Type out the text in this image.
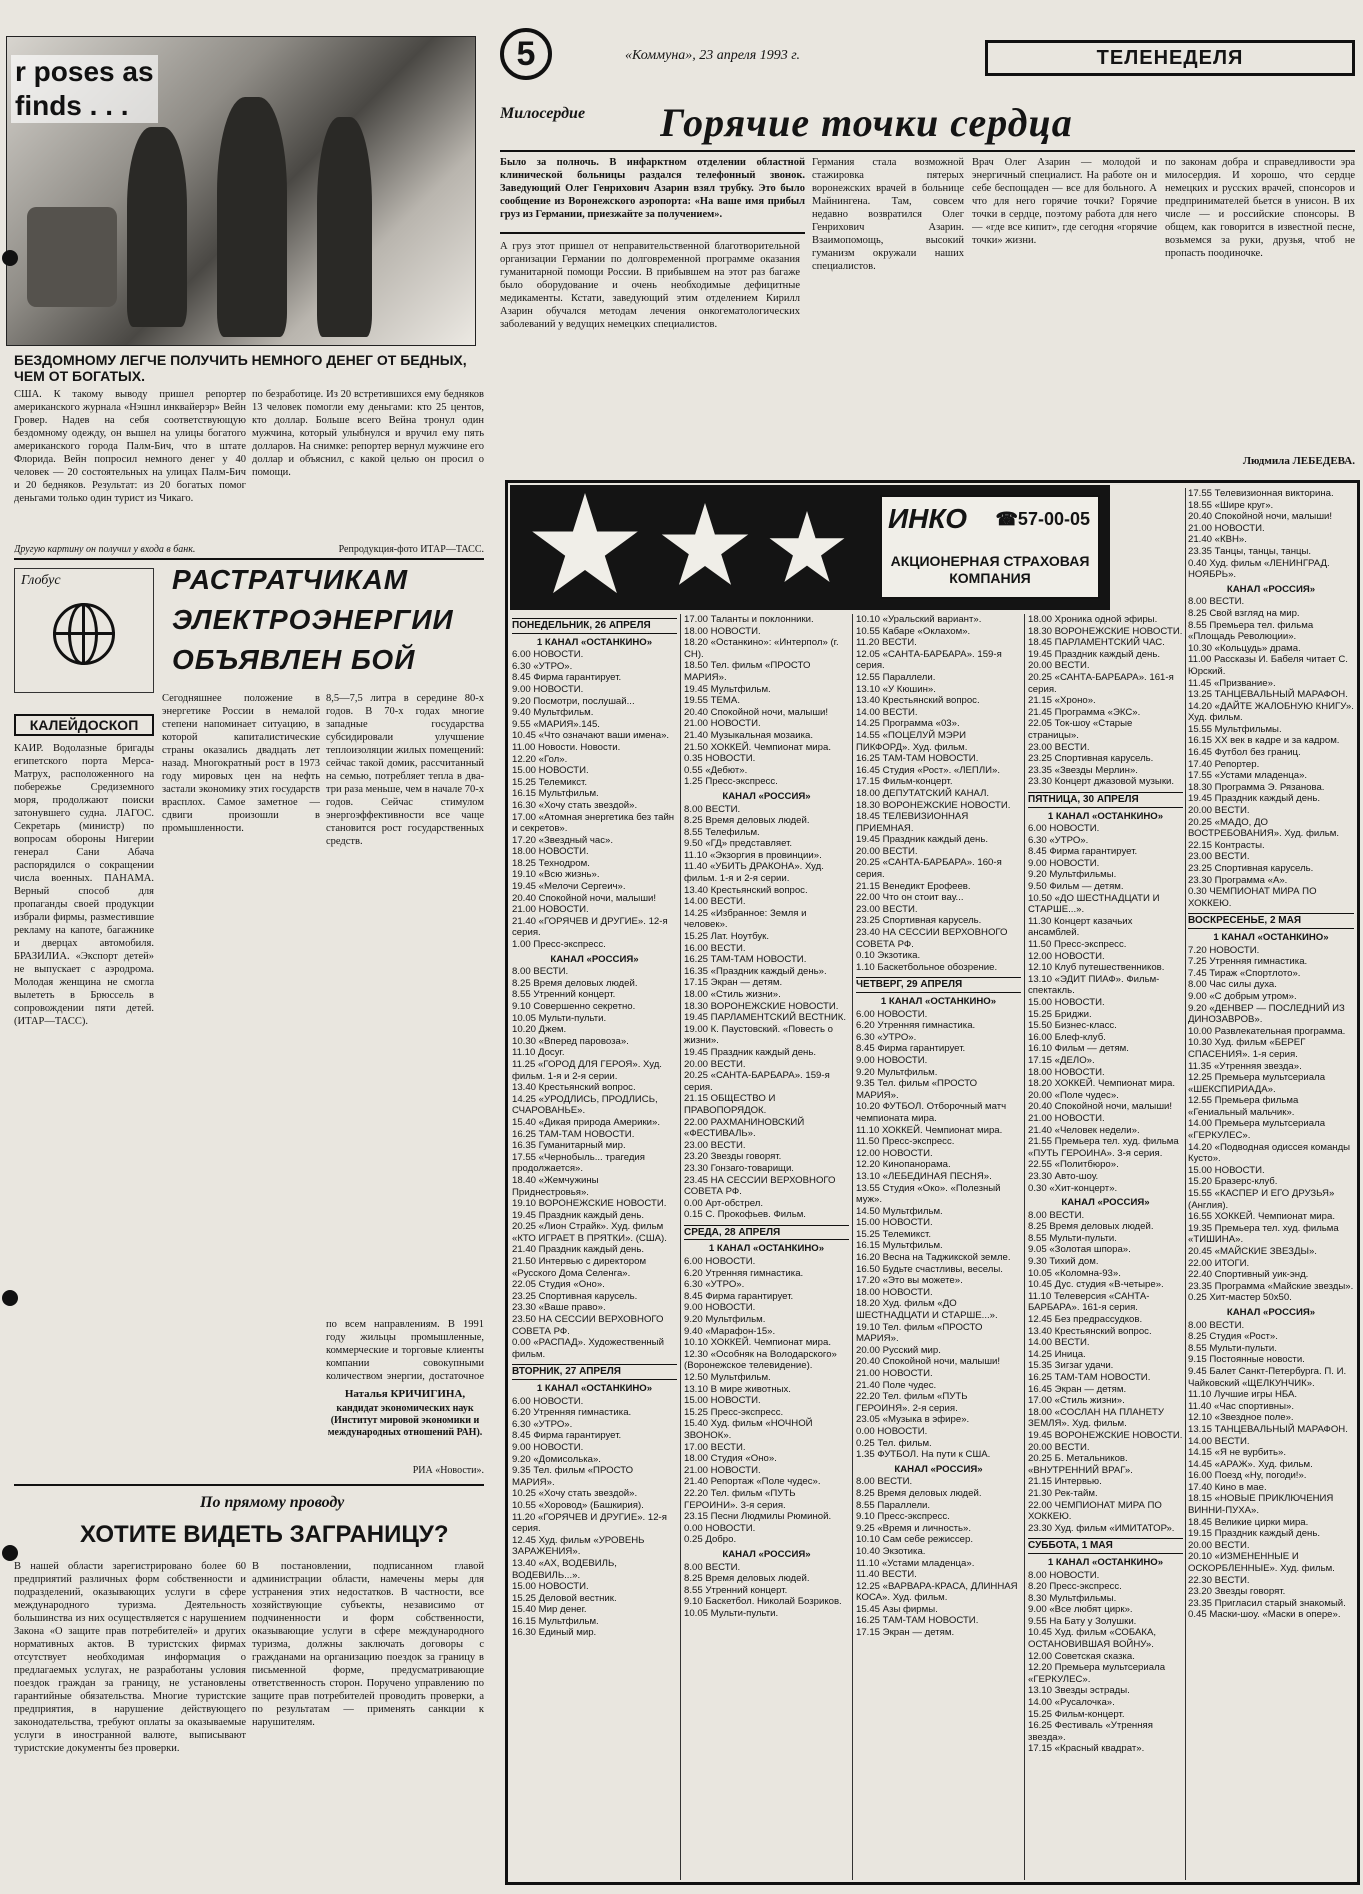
r poses as
finds . . .
5	«Коммуна», 23 апреля 1993 г.	ТЕЛЕНЕДЕЛЯ
Милосердие	Горячие точки сердца
Было за полночь. В инфарктном отделении областной клинической больницы раздался телефонный звонок. Заведующий Олег Генрихович Азарин взял трубку. Это было сообщение из Воронежского аэропорта: «На ваше имя прибыл груз из Германии, приезжайте за получением».
А груз этот пришел от неправительственной благотворительной организации Германии по долговременной программе оказания гуманитарной помощи России. В прибывшем на этот раз багаже было оборудование и очень необходимые дефицитные медикаменты. Кстати, заведующий этим отделением Кирилл Азарин обучался методам лечения онкогематологических заболеваний у ведущих немецких специалистов.
Германия стала возможной стажировка пятерых воронежских врачей в больнице Майнингена. Там, совсем недавно возвратился Олег Генрихович Азарин. Взаимопомощь, высокий гуманизм окружали наших специалистов.
Врач Олег Азарин — молодой и энергичный специалист. На работе он и себе беспощаден — все для больного. А что для него горячие точки? Горячие точки в сердце, поэтому работа для него — «где все кипит», где сегодня «горячие точки» жизни.
по законам добра и справедливости эра милосердия. И хорошо, что сердце немецких и русских врачей, спонсоров и предпринимателей бьется в унисон. В их числе — и российские спонсоры. В общем, как говорится в известной песне, возьмемся за руки, друзья, чтоб не пропасть поодиночке.
Людмила ЛЕБЕДЕВА.
БЕЗДОМНОМУ ЛЕГЧЕ ПОЛУЧИТЬ НЕМНОГО ДЕНЕГ ОТ БЕДНЫХ, ЧЕМ ОТ БОГАТЫХ.
США. К такому выводу пришел репортер американского журнала «Нэшнл инквайерэр» Вейн Гровер. Надев на себя соответствующую бездомному одежду, он вышел на улицы богатого американского города Палм-Бич, что в штате Флорида. Вейн попросил немного денег у 40 человек — 20 состоятельных на улицах Палм-Бич и 20 бедняков. Результат: из 20 богатых помог деньгами только один турист из Чикаго.
по безработице. Из 20 встретившихся ему бедняков 13 человек помогли ему деньгами: кто 25 центов, кто доллар. Больше всего Вейна тронул один мужчина, который улыбнулся и вручил ему пять долларов. На снимке: репортер вернул мужчине его доллар и объяснил, с какой целью он просил о помощи.
Другую картину он получил у входа в банк.	Репродукция-фото ИТАР—ТАСС.
Глобус	РАСТРАТЧИКАМ ЭЛЕКТРОЭНЕРГИИ ОБЪЯВЛЕН БОЙ
КАЛЕЙДОСКОП
КАИР. Водолазные бригады египетского порта Мерса-Матрух, расположенного на побережье Средиземного моря, продолжают поиски затонувшего судна. ЛАГОС. Секретарь (министр) по вопросам обороны Нигерии генерал Сани Абача распорядился о сокращении числа военных. ПАНАМА. Верный способ для пропаганды своей продукции избрали фирмы, разместившие рекламу на капоте, багажнике и дверцах автомобиля. БРАЗИЛИА. «Экспорт детей» не выпускает с аэродрома. Молодая женщина не смогла вылететь в Брюссель в сопровождении пяти детей. (ИТАР—ТАСС).
Сегодняшнее положение в энергетике России в немалой степени напоминает ситуацию, в которой капиталистические страны оказались двадцать лет назад. Многократный рост в 1973 году мировых цен на нефть застали экономику этих государств врасплох. Самое заметное — сдвиги произошли в промышленности.
8,5—7,5 литра в середине 80-х годов. В 70-х годах многие западные государства субсидировали улучшение теплоизоляции жилых помещений: сейчас такой домик, рассчитанный на семью, потребляет тепла в два-три раза меньше, чем в начале 70-х годов. Сейчас стимулом энергоэффективности все чаще становится рост государственных средств.
по всем направлениям. В 1991 году жильцы промышленные, коммерческие и торговые клиенты компании совокупными количеством энергии, достаточное
Наталья КРИЧИГИНА,
кандидат экономических наук (Институт мировой экономики и международных отношений РАН).
РИА «Новости».
По прямому проводу
ХОТИТЕ ВИДЕТЬ ЗАГРАНИЦУ?
В нашей области зарегистрировано более 60 предприятий различных форм собственности и подразделений, оказывающих услуги в сфере международного туризма. Деятельность большинства из них осуществляется с нарушением Закона «О защите прав потребителей» и других нормативных актов. В туристских фирмах отсутствует необходимая информация о предлагаемых услугах, не разработаны условия поездок граждан за границу, не установлены гарантийные обязательства. Многие туристские предприятия, в нарушение действующего законодательства, требуют оплаты за оказываемые услуги в иностранной валюте, выписывают туристские документы без проверки.
В постановлении, подписанном главой администрации области, намечены меры для устранения этих недостатков. В частности, все хозяйствующие субъекты, независимо от подчиненности и форм собственности, оказывающие услуги в сфере международного туризма, должны заключать договоры с гражданами на организацию поездок за границу в письменной форме, предусматривающие ответственность сторон. Поручено управлению по защите прав потребителей проводить проверки, а по результатам — применять санкции к нарушителям.
ИНКО	☎57-00-05
АКЦИОНЕРНАЯ СТРАХОВАЯ КОМПАНИЯ
ПОНЕДЕЛЬНИК, 26 АПРЕЛЯ
1 КАНАЛ «ОСТАНКИНО»
6.00 НОВОСТИ.
6.30 «УТРО».
8.45 Фирма гарантирует.
9.00 НОВОСТИ.
9.20 Посмотри, послушай...
9.40 Мультфильм.
9.55 «МАРИЯ».145.
10.45 «Что означают ваши имена».
11.00 Новости. Новости.
12.20 «Гол».
15.00 НОВОСТИ.
15.25 Телемикст.
16.15 Мультфильм.
16.30 «Хочу стать звездой».
17.00 «Атомная энергетика без тайн и секретов».
17.20 «Звездный час».
18.00 НОВОСТИ.
18.25 Технодром.
19.10 «Всю жизнь».
19.45 «Мелочи Сергеич».
20.40 Спокойной ночи, малыши!
21.00 НОВОСТИ.
21.40 «ГОРЯЧЕВ И ДРУГИЕ». 12-я серия.
1.00 Пресс-экспресс.
КАНАЛ «РОССИЯ»
8.00 ВЕСТИ.
8.25 Время деловых людей.
8.55 Утренний концерт.
9.10 Совершенно секретно.
10.05 Мульти-пульти.
10.20 Джем.
10.30 «Вперед паровоза».
11.10 Досуг.
11.25 «ГОРОД ДЛЯ ГЕРОЯ». Худ. фильм. 1-я и 2-я серии.
13.40 Крестьянский вопрос.
14.25 «УРОДЛИСЬ, ПРОДЛИСЬ, СЧАРОВАНЬЕ».
15.40 «Дикая природа Америки».
16.25 ТАМ-ТАМ НОВОСТИ.
16.35 Гуманитарный мир.
17.55 «Чернобыль... трагедия продолжается».
18.40 «Жемчужины Приднестровья».
19.10 ВОРОНЕЖСКИЕ НОВОСТИ.
19.45 Праздник каждый день.
20.25 «Лион Страйк». Худ. фильм «КТО ИГРАЕТ В ПРЯТКИ». (США).
21.40 Праздник каждый день.
21.50 Интервью с директором «Русского Дома Селенга».
22.05 Студия «Оно».
23.25 Спортивная карусель.
23.30 «Ваше право».
23.50 НА СЕССИИ ВЕРХОВНОГО СОВЕТА РФ.
0.00 «РАСПАД». Художественный фильм.
ВТОРНИК, 27 АПРЕЛЯ
1 КАНАЛ «ОСТАНКИНО»
6.00 НОВОСТИ.
6.20 Утренняя гимнастика.
6.30 «УТРО».
8.45 Фирма гарантирует.
9.00 НОВОСТИ.
9.20 «Домисолька».
9.35 Тел. фильм «ПРОСТО МАРИЯ».
10.25 «Хочу стать звездой».
10.55 «Хоровод» (Башкирия).
11.20 «ГОРЯЧЕВ И ДРУГИЕ». 12-я серия.
12.45 Худ. фильм «УРОВЕНЬ ЗАРАЖЕНИЯ».
13.40 «АХ, ВОДЕВИЛЬ, ВОДЕВИЛЬ...».
15.00 НОВОСТИ.
15.25 Деловой вестник.
15.40 Мир денег.
16.15 Мультфильм.
16.30 Единый мир.
17.00 Таланты и поклонники.
18.00 НОВОСТИ.
18.20 «Останкино»: «Интерпол» (г. СН).
18.50 Тел. фильм «ПРОСТО МАРИЯ».
19.45 Мультфильм.
19.55 ТЕМА.
20.40 Спокойной ночи, малыши!
21.00 НОВОСТИ.
21.40 Музыкальная мозаика.
21.50 ХОККЕЙ. Чемпионат мира.
0.35 НОВОСТИ.
0.55 «Дебют».
1.25 Пресс-экспресс.
КАНАЛ «РОССИЯ»
8.00 ВЕСТИ.
8.25 Время деловых людей.
8.55 Телефильм.
9.50 «ГД» представляет.
11.10 «Экзоргия в провинции».
11.40 «УБИТЬ ДРАКОНА». Худ. фильм. 1-я и 2-я серии.
13.40 Крестьянский вопрос.
14.00 ВЕСТИ.
14.25 «Избранное: Земля и человек».
15.25 Лат. Ноутбук.
16.00 ВЕСТИ.
16.25 ТАМ-ТАМ НОВОСТИ.
16.35 «Праздник каждый день».
17.15 Экран — детям.
18.00 «Стиль жизни».
18.30 ВОРОНЕЖСКИЕ НОВОСТИ.
19.45 ПАРЛАМЕНТСКИЙ ВЕСТНИК.
19.00 К. Паустовский. «Повесть о жизни».
19.45 Праздник каждый день.
20.00 ВЕСТИ.
20.25 «САНТА-БАРБАРА». 159-я серия.
21.15 ОБЩЕСТВО И ПРАВОПОРЯДОК.
22.00 РАХМАНИНОВСКИЙ «ФЕСТИВАЛЬ».
23.00 ВЕСТИ.
23.20 Звезды говорят.
23.30 Гонзаго-товарищи.
23.45 НА СЕССИИ ВЕРХОВНОГО СОВЕТА РФ.
0.00 Арт-обстрел.
0.15 С. Прокофьев. Фильм.
СРЕДА, 28 АПРЕЛЯ
1 КАНАЛ «ОСТАНКИНО»
6.00 НОВОСТИ.
6.20 Утренняя гимнастика.
6.30 «УТРО».
8.45 Фирма гарантирует.
9.00 НОВОСТИ.
9.20 Мультфильм.
9.40 «Марафон-15».
10.10 ХОККЕЙ. Чемпионат мира.
12.30 «Особняк на Володарского» (Воронежское телевидение).
12.50 Мультфильм.
13.10 В мире животных.
15.00 НОВОСТИ.
15.25 Пресс-экспресс.
15.40 Худ. фильм «НОЧНОЙ ЗВОНОК».
17.00 ВЕСТИ.
18.00 Студия «Оно».
21.00 НОВОСТИ.
21.40 Репортаж «Поле чудес».
22.20 Тел. фильм «ПУТЬ ГЕРОИНИ». 3-я серия.
23.15 Песни Людмилы Рюминой.
0.00 НОВОСТИ.
0.25 Добро.
КАНАЛ «РОССИЯ»
8.00 ВЕСТИ.
8.25 Время деловых людей.
8.55 Утренний концерт.
9.10 Баскетбол. Николай Бозриков.
10.05 Мульти-пульти.
10.10 «Уральский вариант».
10.55 Кабаре «Оклахом».
11.20 ВЕСТИ.
12.05 «САНТА-БАРБАРА». 159-я серия.
12.55 Параллели.
13.10 «У Кюшин».
13.40 Крестьянский вопрос.
14.00 ВЕСТИ.
14.25 Программа «03».
14.55 «ПОЦЕЛУЙ МЭРИ ПИКФОРД». Худ. фильм.
16.25 ТАМ-ТАМ НОВОСТИ.
16.45 Студия «Рост». «ЛЕПЛИ».
17.15 Фильм-концерт.
18.00 ДЕПУТАТСКИЙ КАНАЛ.
18.30 ВОРОНЕЖСКИЕ НОВОСТИ.
18.45 ТЕЛЕВИЗИОННАЯ ПРИЕМНАЯ.
19.45 Праздник каждый день.
20.00 ВЕСТИ.
20.25 «САНТА-БАРБАРА». 160-я серия.
21.15 Венедикт Ерофеев.
22.00 Что он стоит вау...
23.00 ВЕСТИ.
23.25 Спортивная карусель.
23.40 НА СЕССИИ ВЕРХОВНОГО СОВЕТА РФ.
0.10 Экзотика.
1.10 Баскетбольное обозрение.
ЧЕТВЕРГ, 29 АПРЕЛЯ
1 КАНАЛ «ОСТАНКИНО»
6.00 НОВОСТИ.
6.20 Утренняя гимнастика.
6.30 «УТРО».
8.45 Фирма гарантирует.
9.00 НОВОСТИ.
9.20 Мультфильм.
9.35 Тел. фильм «ПРОСТО МАРИЯ».
10.20 ФУТБОЛ. Отборочный матч чемпионата мира.
11.10 ХОККЕЙ. Чемпионат мира.
11.50 Пресс-экспресс.
12.00 НОВОСТИ.
12.20 Кинопанорама.
13.10 «ЛЕБЕДИНАЯ ПЕСНЯ».
13.55 Студия «Око». «Полезный муж».
14.50 Мультфильм.
15.00 НОВОСТИ.
15.25 Телемикст.
16.15 Мультфильм.
16.20 Весна на Таджикской земле.
16.50 Будьте счастливы, веселы.
17.20 «Это вы можете».
18.00 НОВОСТИ.
18.20 Худ. фильм «ДО ШЕСТНАДЦАТИ И СТАРШЕ...».
19.10 Тел. фильм «ПРОСТО МАРИЯ».
20.00 Русский мир.
20.40 Спокойной ночи, малыши!
21.00 НОВОСТИ.
21.40 Поле чудес.
22.20 Тел. фильм «ПУТЬ ГЕРОИНЯ». 2-я серия.
23.05 «Музыка в эфире».
0.00 НОВОСТИ.
0.25 Тел. фильм.
1.35 ФУТБОЛ. На пути к США.
КАНАЛ «РОССИЯ»
8.00 ВЕСТИ.
8.25 Время деловых людей.
8.55 Параллели.
9.10 Пресс-экспресс.
9.25 «Время и личность».
10.10 Сам себе режиссер.
10.40 Экзотика.
11.10 «Устами младенца».
11.40 ВЕСТИ.
12.25 «ВАРВАРА-КРАСА, ДЛИННАЯ КОСА». Худ. фильм.
15.45 Азы фирмы.
16.25 ТАМ-ТАМ НОВОСТИ.
17.15 Экран — детям.
18.00 Хроника одной эфиры.
18.30 ВОРОНЕЖСКИЕ НОВОСТИ.
18.45 ПАРЛАМЕНТСКИЙ ЧАС.
19.45 Праздник каждый день.
20.00 ВЕСТИ.
20.25 «САНТА-БАРБАРА». 161-я серия.
21.15 «Хроно».
21.45 Программа «ЭКС».
22.05 Ток-шоу «Старые страницы».
23.00 ВЕСТИ.
23.25 Спортивная карусель.
23.35 «Звезды Мерлин».
23.30 Концерт джазовой музыки.
ПЯТНИЦА, 30 АПРЕЛЯ
1 КАНАЛ «ОСТАНКИНО»
6.00 НОВОСТИ.
6.30 «УТРО».
8.45 Фирма гарантирует.
9.00 НОВОСТИ.
9.20 Мультфильмы.
9.50 Фильм — детям.
10.50 «ДО ШЕСТНАДЦАТИ И СТАРШЕ...».
11.30 Концерт казачьих ансамблей.
11.50 Пресс-экспресс.
12.00 НОВОСТИ.
12.10 Клуб путешественников.
13.10 «ЭДИТ ПИАФ». Фильм-спектакль.
15.00 НОВОСТИ.
15.25 Бриджи.
15.50 Бизнес-класс.
16.00 Блеф-клуб.
16.10 Фильм — детям.
17.15 «ДЕЛО».
18.00 НОВОСТИ.
18.20 ХОККЕЙ. Чемпионат мира.
20.00 «Поле чудес».
20.40 Спокойной ночи, малыши!
21.00 НОВОСТИ.
21.40 «Человек недели».
21.55 Премьера тел. худ. фильма «ПУТЬ ГЕРОИНА». 3-я серия.
22.55 «Политбюро».
23.30 Авто-шоу.
0.30 «Хит-концерт».
КАНАЛ «РОССИЯ»
8.00 ВЕСТИ.
8.25 Время деловых людей.
8.55 Мульти-пульти.
9.05 «Золотая шпора».
9.30 Тихий дом.
10.05 «Коломна-93».
10.45 Дус. студия «В-четыре».
11.10 Телеверсия «САНТА-БАРБАРА». 161-я серия.
12.45 Без предрассудков.
13.40 Крестьянский вопрос.
14.00 ВЕСТИ.
14.25 Иница.
15.35 Зигзаг удачи.
16.25 ТАМ-ТАМ НОВОСТИ.
16.45 Экран — детям.
17.00 «Стиль жизни».
18.00 «СОСЛАН НА ПЛАНЕТУ ЗЕМЛЯ». Худ. фильм.
19.45 ВОРОНЕЖСКИЕ НОВОСТИ.
20.00 ВЕСТИ.
20.25 Б. Метальников. «ВНУТРЕННИЙ ВРАГ».
21.15 Интервью.
21.30 Рек-тайм.
22.00 ЧЕМПИОНАТ МИРА ПО ХОККЕЮ.
23.30 Худ. фильм «ИМИТАТОР».
СУББОТА, 1 МАЯ
1 КАНАЛ «ОСТАНКИНО»
8.00 НОВОСТИ.
8.20 Пресс-экспресс.
8.30 Мультфильмы.
9.00 «Все любят цирк».
9.55 На Бату у Золушки.
10.45 Худ. фильм «СОБАКА, ОСТАНОВИВШАЯ ВОЙНУ».
12.00 Советская сказка.
12.20 Премьера мультсериала «ГЕРКУЛЕС».
13.10 Звезды эстрады.
14.00 «Русалочка».
15.25 Фильм-концерт.
16.25 Фестиваль «Утренняя звезда».
17.15 «Красный квадрат».
17.55 Телевизионная викторина.
18.55 «Шире круг».
20.40 Спокойной ночи, малыши!
21.00 НОВОСТИ.
21.40 «КВН».
23.35 Танцы, танцы, танцы.
0.40 Худ. фильм «ЛЕНИНГРАД. НОЯБРЬ».
КАНАЛ «РОССИЯ»
8.00 ВЕСТИ.
8.25 Свой взгляд на мир.
8.55 Премьера тел. фильма «Площадь Революции».
10.30 «Кольцудь» драма.
11.00 Рассказы И. Бабеля читает С. Юрский.
11.45 «Призвание».
13.25 ТАНЦЕВАЛЬНЫЙ МАРАФОН.
14.20 «ДАЙТЕ ЖАЛОБНУЮ КНИГУ». Худ. фильм.
15.55 Мультфильмы.
16.15 XX век в кадре и за кадром.
16.45 Футбол без границ.
17.40 Репортер.
17.55 «Устами младенца».
18.30 Программа Э. Рязанова.
19.45 Праздник каждый день.
20.00 ВЕСТИ.
20.25 «МАДО, ДО ВОСТРЕБОВАНИЯ». Худ. фильм.
22.15 Контрасты.
23.00 ВЕСТИ.
23.25 Спортивная карусель.
23.30 Программа «А».
0.30 ЧЕМПИОНАТ МИРА ПО ХОККЕЮ.
ВОСКРЕСЕНЬЕ, 2 МАЯ
1 КАНАЛ «ОСТАНКИНО»
7.20 НОВОСТИ.
7.25 Утренняя гимнастика.
7.45 Тираж «Спортлото».
8.00 Час силы духа.
9.00 «С добрым утром».
9.20 «ДЕНВЕР — ПОСЛЕДНИЙ ИЗ ДИНОЗАВРОВ».
10.00 Развлекательная программа.
10.30 Худ. фильм «БЕРЕГ СПАСЕНИЯ». 1-я серия.
11.35 «Утренняя звезда».
12.25 Премьера мультсериала «ШЕКСПИРИАДА».
12.55 Премьера фильма «Гениальный мальчик».
14.00 Премьера мультсериала «ГЕРКУЛЕС».
14.20 «Подводная одиссея команды Кусто».
15.00 НОВОСТИ.
15.20 Бразерс-клуб.
15.55 «КАСПЕР И ЕГО ДРУЗЬЯ» (Англия).
16.55 ХОККЕЙ. Чемпионат мира.
19.35 Премьера тел. худ. фильма «ТИШИНА».
20.45 «МАЙСКИЕ ЗВЕЗДЫ».
22.00 ИТОГИ.
22.40 Спортивный уик-энд.
23.35 Программа «Майские звезды».
0.25 Хит-мастер 50х50.
КАНАЛ «РОССИЯ»
8.00 ВЕСТИ.
8.25 Студия «Рост».
8.55 Мульти-пульти.
9.15 Постоянные новости.
9.45 Балет Санкт-Петербурга. П. И. Чайковский «ЩЕЛКУНЧИК».
11.10 Лучшие игры НБА.
11.40 «Час спортивны».
12.10 «Звездное поле».
13.15 ТАНЦЕВАЛЬНЫЙ МАРАФОН.
14.00 ВЕСТИ.
14.15 «Я не вурбить».
14.45 «АРАЖ». Худ. фильм.
16.00 Поезд «Ну, погоди!».
17.40 Кино в мае.
18.15 «НОВЫЕ ПРИКЛЮЧЕНИЯ ВИННИ-ПУХА».
18.45 Великие цирки мира.
19.15 Праздник каждый день.
20.00 ВЕСТИ.
20.10 «ИЗМЕНЕННЫЕ И ОСКОРБЛЕННЫЕ». Худ. фильм.
22.30 ВЕСТИ.
23.20 Звезды говорят.
23.35 Пригласил старый знакомый.
0.45 Маски-шоу. «Маски в опере».
